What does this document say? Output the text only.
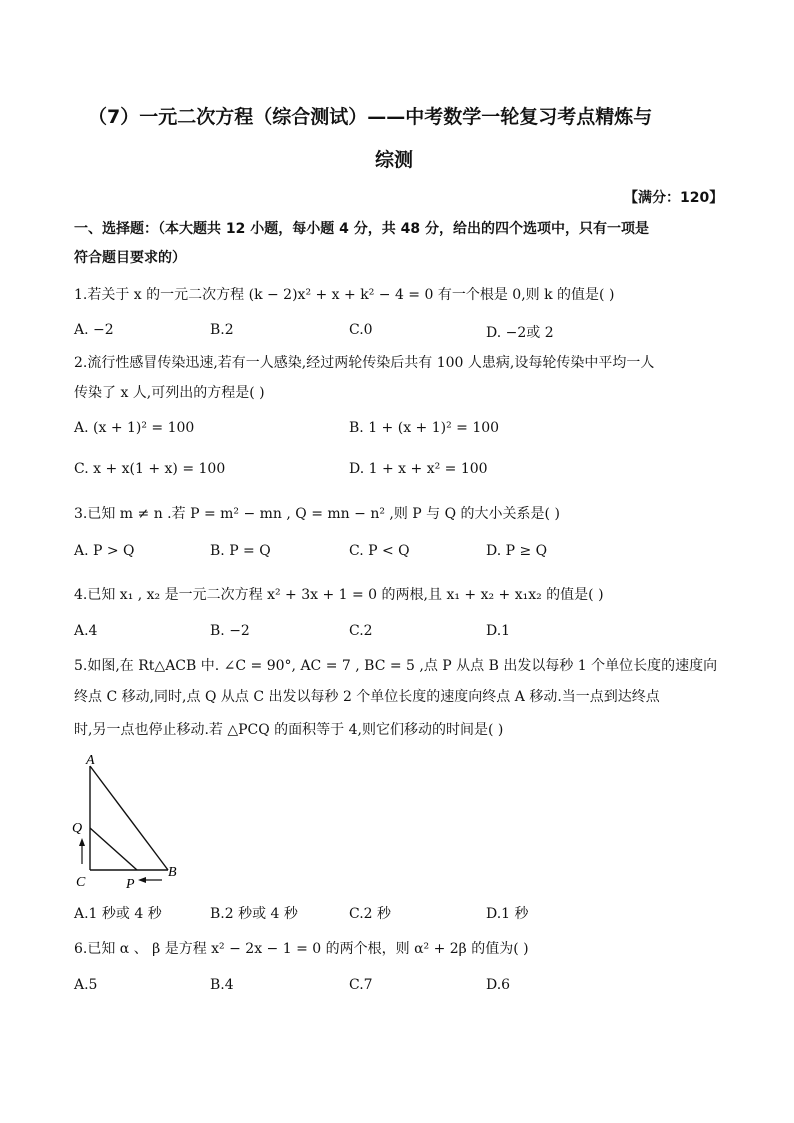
（7）一元二次方程（综合测试）——中考数学一轮复习考点精炼与
综测
【满分：120】
一、选择题：（本大题共 12 小题，每小题 4 分，共 48 分，给出的四个选项中，只有一项是
符合题目要求的）
1.若关于 x 的一元二次方程 (k − 2)x² + x + k² − 4 = 0 有一个根是 0,则 k 的值是( )
A. −2	B.2	C.0	D. −2或 2
2.流行性感冒传染迅速,若有一人感染,经过两轮传染后共有 100 人患病,设每轮传染中平均一人
传染了 x 人,可列出的方程是( )
A. (x + 1)² = 100	B. 1 + (x + 1)² = 100
C. x + x(1 + x) = 100	D. 1 + x + x² = 100
3.已知 m ≠ n .若 P = m² − mn , Q = mn − n² ,则 P 与 Q 的大小关系是( )
A. P > Q	B. P = Q	C. P < Q	D. P ≥ Q
4.已知 x₁ , x₂ 是一元二次方程 x² + 3x + 1 = 0 的两根,且 x₁ + x₂ + x₁x₂ 的值是( )
A.4	B. −2	C.2	D.1
5.如图,在 Rt△ACB 中. ∠C = 90°, AC = 7 , BC = 5 ,点 P 从点 B 出发以每秒 1 个单位长度的速度向
终点 C 移动,同时,点 Q 从点 C 出发以每秒 2 个单位长度的速度向终点 A 移动.当一点到达终点
时,另一点也停止移动.若 △PCQ 的面积等于 4,则它们移动的时间是( )
A
Q
C	P
B
A.1 秒或 4 秒	B.2 秒或 4 秒	C.2 秒	D.1 秒
6.已知 α 、 β 是方程 x² − 2x − 1 = 0 的两个根，则 α² + 2β 的值为( )
A.5	B.4	C.7	D.6
